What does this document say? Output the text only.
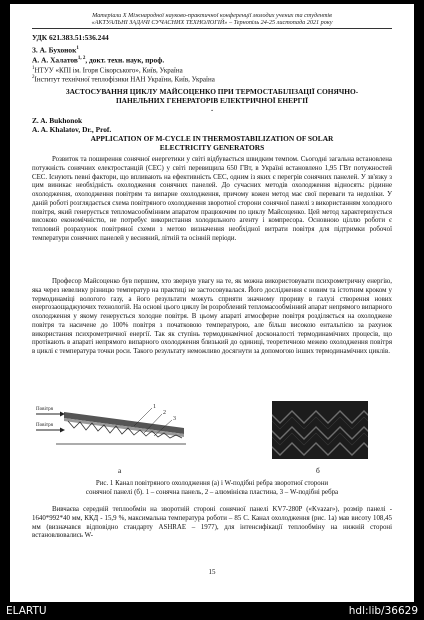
Матеріали Х Міжнародної науково-практичної конференції молодих учених та студентів
«АКТУАЛЬНІ ЗАДАЧІ СУЧАСНИХ ТЕХНОЛОГІЙ» – Тернопіль 24-25 листопада 2021 року
УДК 621.383.51:536.244
З. А. Бухонок$^1$
А. А. Халатов$^{1, 2}$, докт. техн. наук, проф.
$^1$НТУУ «КПІ ім. Ігоря Сікорського», Київ, Україна
$^2$Інститут технічної теплофізики НАН України, Київ, Україна
ЗАСТОСУВАННЯ ЦИКЛУ МАЙСОЦЕНКО ПРИ ТЕРМОСТАБІЛІЗАЦІЇ СОНЯЧНО-
ПАНЕЛЬНИХ ГЕНЕРАТОРІВ ЕЛЕКТРИЧНОЇ ЕНЕРГІЇ
.
Z. A. Bukhonok
A. A. Khalatov, Dr., Prof.
APPLICATION OF M-CYCLE IN THERMOSTABILIZATION OF SOLAR
ELECTRICITY GENERATORS

Розвиток та поширення сонячної енергетики у світі відбувається швидким темпом. Сьогодні загальна встановлена потужність сонячних електростанцій (СЕС) у світі перевищила 650 ГВт, в Україні встановлено 1,95 ГВт потужностей СЕС. Існують певні фактори, що впливають на ефективність СЕС, одним із яких є перегрів сонячних панелей. У зв'язку з цим виникає необхідність охолодження сонячних панелей. До сучасних методів охолодження відносять: рідинне охолодження, охолодження повітрям та випарне охолодження, причому кожен метод має свої переваги та недоліки. У даній роботі розглядається схема повітряного охолодження зворотної сторони сонячної панелі з використанням холодного повітря, який генерується тепломасообмінним апаратом працюючим по циклу Майсоценко. Цей метод характеризується високою економічністю, не потребує використання холодильного агенту і компресора. Основною ціллю роботи є тепловий розрахунок повітряної схеми з метою визначення необхідної витрати повітря для підтримки робочої температури сонячних панелей у весняний, літній та осінній періоди.

Професор Майсоценко був першим, хто звернув увагу на те, як можна використовувати психрометричну енергію, яка через невелику різницю температур на практиці не застосовувалася. Його дослідження є новим та істотним кроком у термодинаміці вологого газу, а його результати можуть сприяти значному прориву в галузі створення нових енергозаощаджуючих технологій. На основі цього циклу їм розроблений тепломасообмінний апарат непрямого випарного охолодження у якому генерується холодне повітря. В цьому апараті атмосферне повітря розділяється на охолоджене повітря та насичене до 100% повітря з початковою температурою, але більш високою ентальпією за рахунок використання психрометричної енергії. Так як ступінь термодинамічної досконалості термодинамічних процесів, що протікають в апараті непрямого випарного охолодження близький до одиниці, теоретичною межею охолодження повітря в циклі є температура точки роси. Такого результату неможливо досягнути за допомогою інших термодинамічних циклів.

Повітря
Повітря
1
2
3
а	б
Рис. 1 Канал повітряного охолодження (а) і W-подібні ребра зворотної сторони
сонячної панелі (б). 1 – сонячна панель, 2 – алюмінієва пластина, 3 – W-подібні ребра

Вивчаєва середній теплообмін на зворотній стороні сонячної панелі KV7-280P («Kvazar»), розмір панелі - 1640*992*40 мм, ККД - 15,9 %, максимальна температура роботи – 85 С. Канал охолодження (рис. 1а) мав висоту 108,45 мм (визначався відповідно стандарту ASHRAE – 1977), для інтенсифікації теплообміну на нижній стороні встановлювались W-

15
ELARTU	hdl:lib/36629
